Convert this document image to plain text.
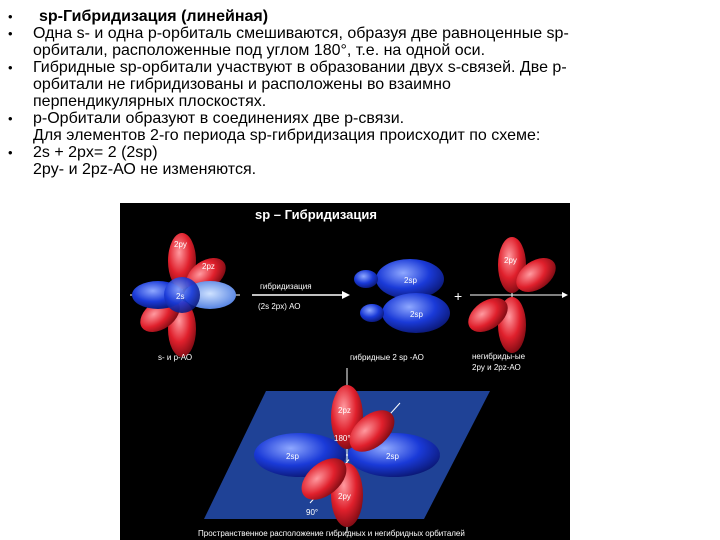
•	sp-Гибридизация (линейная)
• Одна s- и одна p-орбиталь смешиваются, образуя две равноценные sp-
орбитали, расположенные под углом 180°, т.е. на одной оси.
• Гибридные sp-орбитали участвуют в образовании двух s-связей. Две p-
орбитали не гибридизованы и расположены во взаимно
перпендикулярных плоскостях.
• p-Орбитали образуют в соединениях две p-связи.
Для элементов 2-го периода sp-гибридизация происходит по схеме:
• 2s + 2px= 2 (2sp)
2py- и 2pz-АО не изменяются.
sp – Гибридизация
2s
2py
2pz
s- и p-АО
гибридизация
(2s 2px) АО
2sp
2sp
гибридные 2 sp -АО
+
2py
негибриды-ые
2py и 2pz-АО
2sp	2sp
2pz
2py
180°
90°
Пространственное расположение гибридных и негибридных орбиталей
